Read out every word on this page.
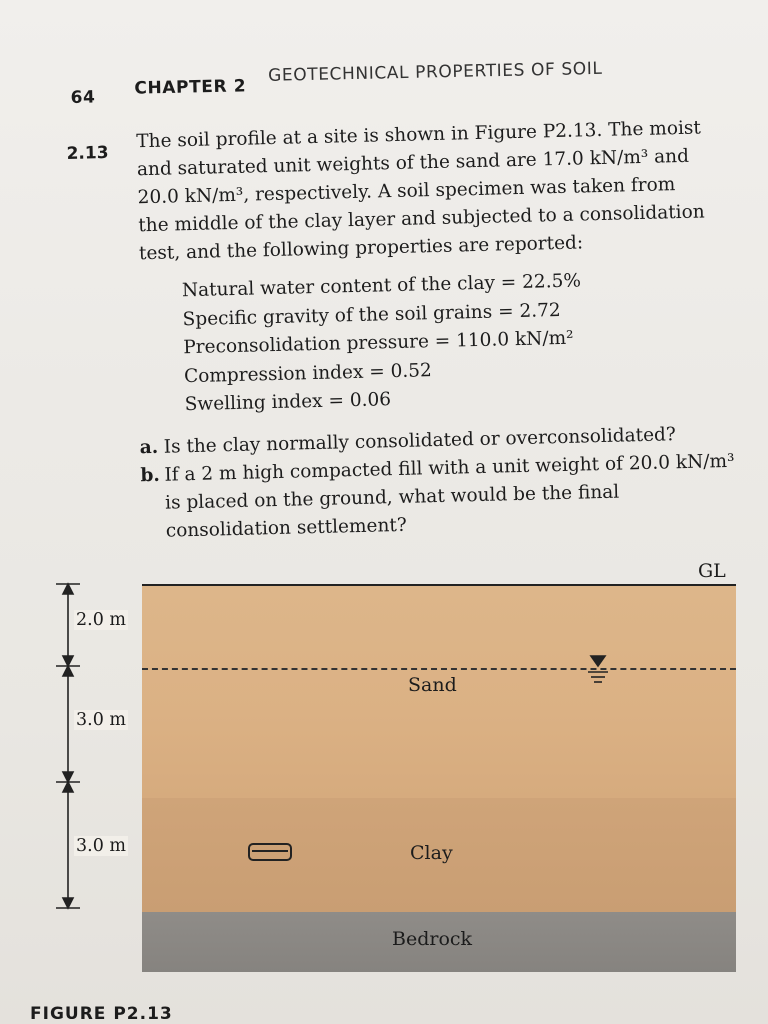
64 CHAPTER 2
GEOTECHNICAL PROPERTIES OF SOIL
2.13

The soil profile at a site is shown in Figure P2.13. The moist

and saturated unit weights of the sand are 17.0 kN/m³ and

20.0 kN/m³, respectively. A soil specimen was taken from

the middle of the clay layer and subjected to a consolidation

test, and the following properties are reported:

Natural water content of the clay = 22.5%
Specific gravity of the soil grains = 2.72
Preconsolidation pressure = 110.0 kN/m²
Compression index = 0.52
Swelling index = 0.06
a. Is the clay normally consolidated or overconsolidated?
b. If a 2 m high compacted fill with a unit weight of 20.0 kN/m³ is placed on the ground, what would be the final consolidation settlement?
GL
2.0 m
3.0 m
3.0 m
Sand
Clay
Bedrock
FIGURE P2.13
